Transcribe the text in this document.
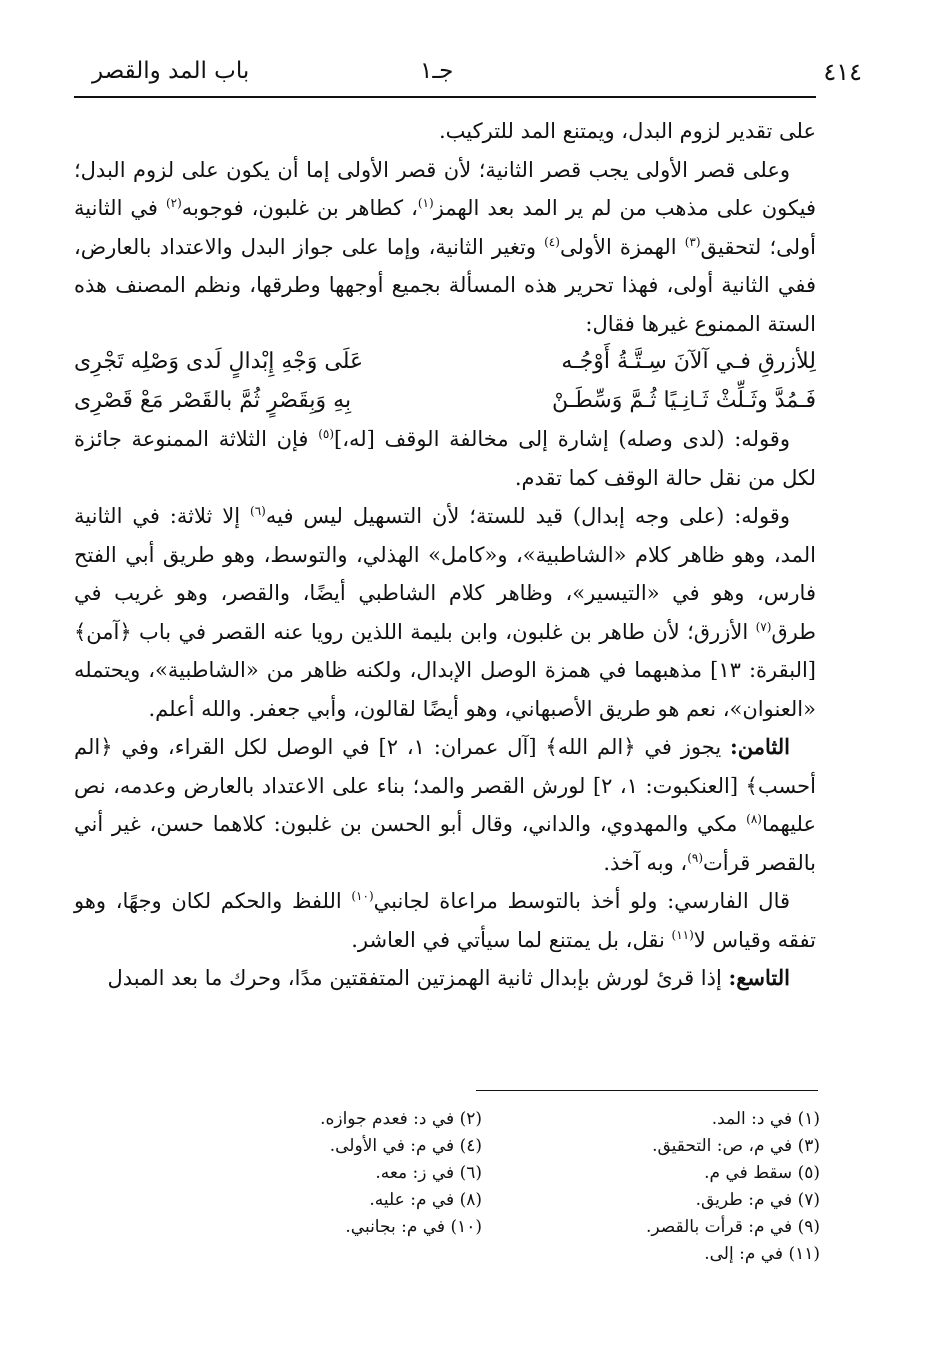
٤١٤
جـ١
باب المد والقصر

على تقدير لزوم البدل، ويمتنع المد للتركيب.

وعلى قصر الأولى يجب قصر الثانية؛ لأن قصر الأولى إما أن يكون على لزوم البدل؛ فيكون على مذهب من لم ير المد بعد الهمز$^{(١)}$، كطاهر بن غلبون، فوجوبه$^{(٢)}$ في الثانية أولى؛ لتحقيق$^{(٣)}$ الهمزة الأولى$^{(٤)}$ وتغير الثانية، وإما على جواز البدل والاعتداد بالعارض، ففي الثانية أولى، فهذا تحرير هذه المسألة بجميع أوجهها وطرقها، ونظم المصنف هذه الستة الممنوع غيرها فقال:

لِلأزرقِ فـي آلآنَ سِـتَّـةُ أَوْجُـه
عَلَى وَجْهِ إِبْدالٍ لَدى وَصْلِه تَجْرِى
فَـمُدَّ وثَـلِّثْ ثَـانِـيًا ثُـمَّ وَسِّطَـنْ
بِهِ وَبِقَصْرٍ ثُمَّ بالقَصْر مَعْ قَصْرِى

وقوله: (لدى وصله) إشارة إلى مخالفة الوقف [له،]$^{(٥)}$ فإن الثلاثة الممنوعة جائزة لكل من نقل حالة الوقف كما تقدم.

وقوله: (على وجه إبدال) قيد للستة؛ لأن التسهيل ليس فيه$^{(٦)}$ إلا ثلاثة: في الثانية المد، وهو ظاهر كلام «الشاطبية»، و«كامل» الهذلي، والتوسط، وهو طريق أبي الفتح فارس، وهو في «التيسير»، وظاهر كلام الشاطبي أيضًا، والقصر، وهو غريب في طرق$^{(٧)}$ الأزرق؛ لأن طاهر بن غلبون، وابن بليمة اللذين رويا عنه القصر في باب ﴿آمن﴾ [البقرة: ١٣] مذهبهما في همزة الوصل الإبدال، ولكنه ظاهر من «الشاطبية»، ويحتمله «العنوان»، نعم هو طريق الأصبهاني، وهو أيضًا لقالون، وأبي جعفر. والله أعلم.

الثامن: يجوز في ﴿الم الله﴾ [آل عمران: ١، ٢] في الوصل لكل القراء، وفي ﴿الم أحسب﴾ [العنكبوت: ١، ٢] لورش القصر والمد؛ بناء على الاعتداد بالعارض وعدمه، نص عليهما$^{(٨)}$ مكي والمهدوي، والداني، وقال أبو الحسن بن غلبون: كلاهما حسن، غير أني بالقصر قرأت$^{(٩)}$، وبه آخذ.

قال الفارسي: ولو أخذ بالتوسط مراعاة لجانبي$^{(١٠)}$ اللفظ والحكم لكان وجهًا، وهو تفقه وقياس لا$^{(١١)}$ نقل، بل يمتنع لما سيأتي في العاشر.

التاسع: إذا قرئ لورش بإبدال ثانية الهمزتين المتفقتين مدًا، وحرك ما بعد المبدل

(١) في د: المد.
(٢) في د: فعدم جوازه.
(٣) في م، ص: التحقيق.
(٤) في م: في الأولى.
(٥) سقط في م.
(٦) في ز: معه.
(٧) في م: طريق.
(٨) في م: عليه.
(٩) في م: قرأت بالقصر.
(١٠) في م: بجانبي.
(١١) في م: إلى.
